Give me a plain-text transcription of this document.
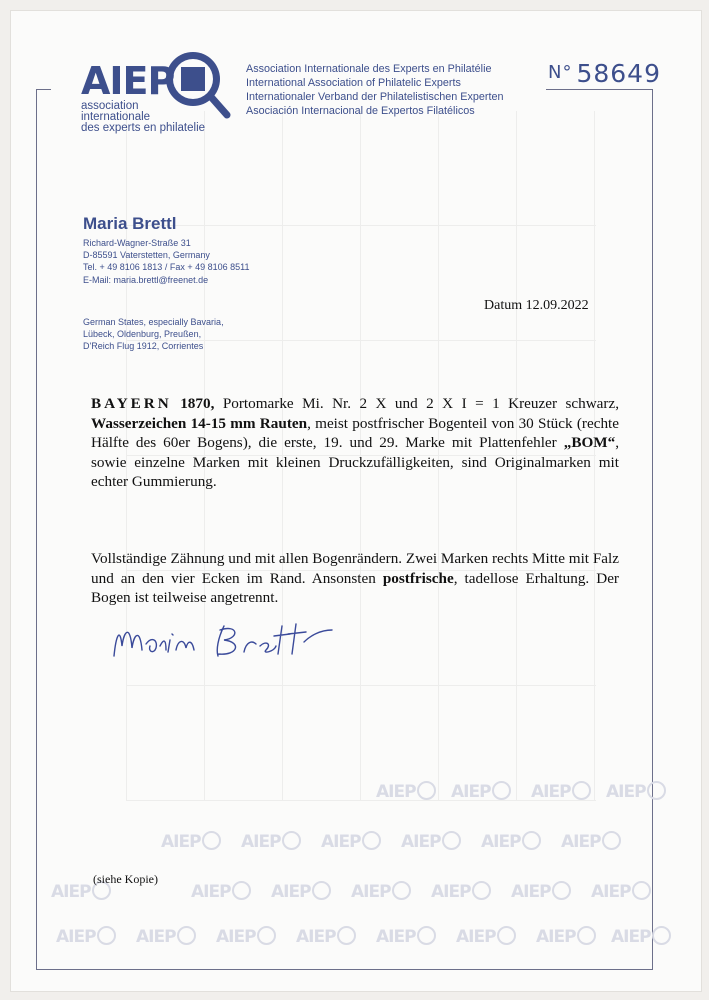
AIEP
association
internationale
des experts en philatelie
Association Internationale des Experts en Philatélie
International Association of Philatelic Experts
Internationaler Verband der Philatelistischen Experten
Asociación Internacional de Expertos Filatélicos
N° 58649
Maria Brettl
Richard-Wagner-Straße 31
D-85591 Vaterstetten, Germany
Tel. + 49 8106 1813 / Fax + 49 8106 8511
E-Mail: maria.brettl@freenet.de
German States, especially Bavaria,
Lübeck, Oldenburg, Preußen,
D'Reich Flug 1912, Corrientes
Datum 12.09.2022
BAYERN 1870, Portomarke Mi. Nr. 2 X und 2 X I = 1 Kreuzer schwarz, Wasserzeichen 14-15 mm Rauten, meist postfrischer Bogenteil von 30 Stück (rechte Hälfte des 60er Bogens), die erste, 19. und 29. Marke mit Plattenfehler „BOM“, sowie einzelne Marken mit kleinen Druckzufälligkeiten, sind Originalmarken mit echter Gummierung.
Vollständige Zähnung und mit allen Bogenrändern. Zwei Marken rechts Mitte mit Falz und an den vier Ecken im Rand. Ansonsten postfrische, tadellose Erhaltung. Der Bogen ist teilweise angetrennt.
AIEP	AIEP	AIEP	AIEP
AIEP	AIEP	AIEP	AIEP	AIEP	AIEP
AIEP	AIEP	AIEP	AIEP	AIEP	AIEP	AIEP
AIEP	AIEP	AIEP	AIEP	AIEP	AIEP	AIEP	AIEP
(siehe Kopie)
